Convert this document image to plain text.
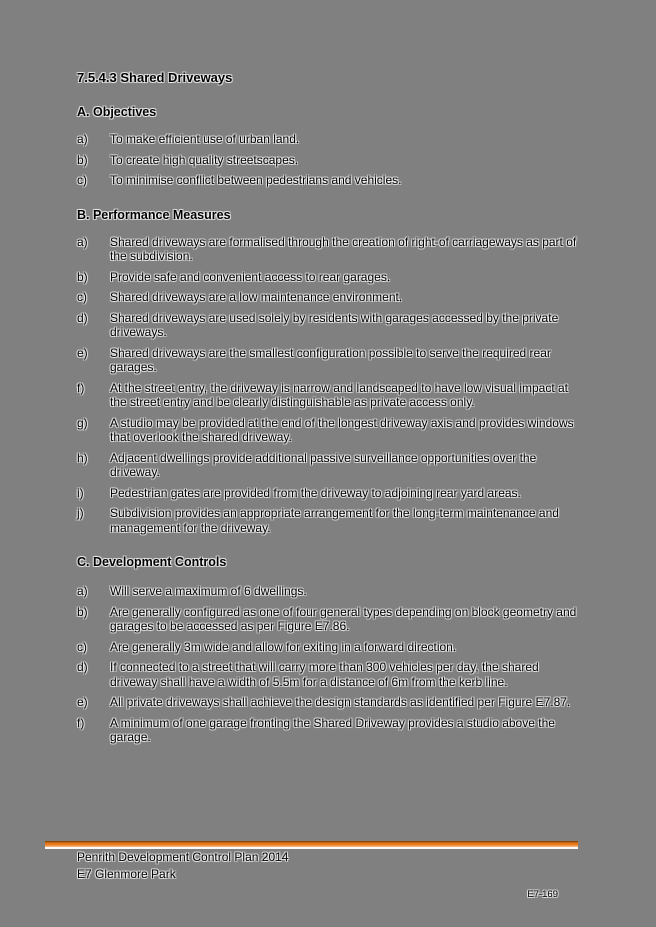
7.5.4.3 Shared Driveways
A. Objectives
a)	To make efficient use of urban land.
b)	To create high quality streetscapes.
c)	To minimise conflict between pedestrians and vehicles.
B. Performance Measures
a)	Shared driveways are formalised through the creation of right-of carriageways as part of the subdivision.
b)	Provide safe and convenient access to rear garages.
c)	Shared driveways are a low maintenance environment.
d)	Shared driveways are used solely by residents with garages accessed by the private driveways.
e)	Shared driveways are the smallest configuration possible to serve the required rear garages.
f)	At the street entry, the driveway is narrow and landscaped to have low visual impact at the street entry and be clearly distinguishable as private access only.
g)	A studio may be provided at the end of the longest driveway axis and provides windows that overlook the shared driveway.
h)	Adjacent dwellings provide additional passive surveillance opportunities over the driveway.
i)	Pedestrian gates are provided from the driveway to adjoining rear yard areas.
j)	Subdivision provides an appropriate arrangement for the long-term maintenance and management for the driveway.
C. Development Controls
a)	Will serve a maximum of 6 dwellings.
b)	Are generally configured as one of four general types depending on block geometry and garages to be accessed as per Figure E7.86.
c)	Are generally 3m wide and allow for exiting in a forward direction.
d)	If connected to a street that will carry more than 300 vehicles per day, the shared driveway shall have a width of 5.5m for a distance of 6m from the kerb line.
e)	All private driveways shall achieve the design standards as identified per Figure E7.87.
f)	A minimum of one garage fronting the Shared Driveway provides a studio above the garage.
Penrith Development Control Plan 2014
E7 Glenmore Park
E7-169
